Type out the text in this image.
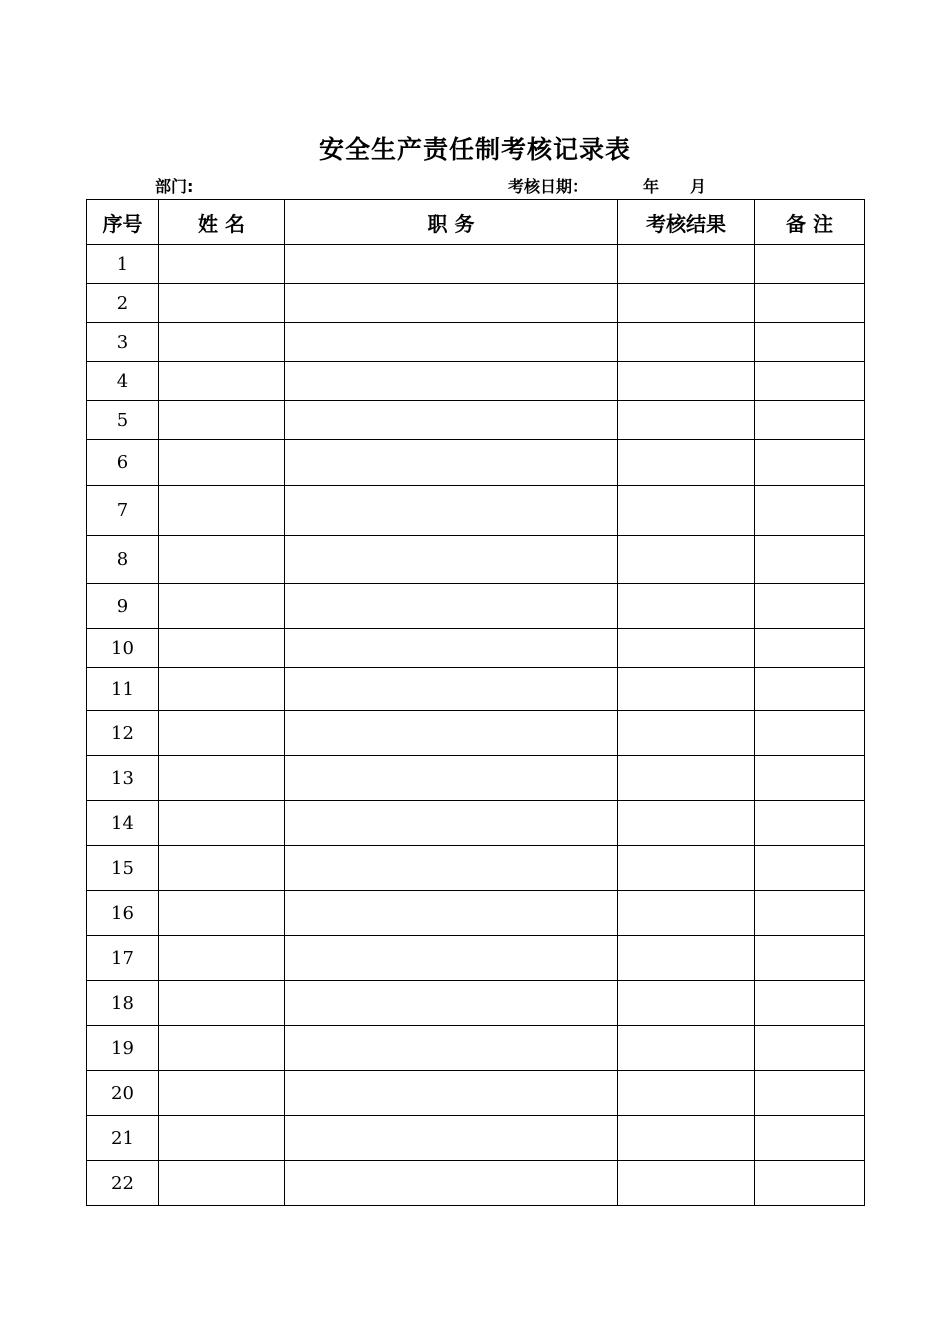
安全生产责任制考核记录表
部门:	考核日期：	年 月
序号	姓 名	职 务	考核结果	备 注
1				
2				
3				
4				
5				
6				
7				
8				
9				
10				
11				
12				
13				
14				
15				
16				
17				
18				
19				
20				
21				
22				
